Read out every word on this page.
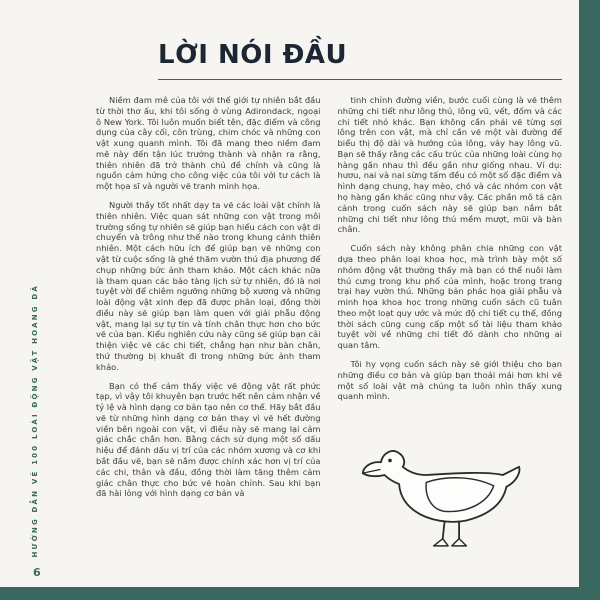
HƯỚNG DẪN VẼ 100 LOÀI ĐỘNG VẬT HOANG DÃ
6
LỜI NÓI ĐẦU

Niềm đam mê của tôi với thế giới tự nhiên bắt đầu từ thời thơ ấu, khi tôi sống ở vùng Adirondack, ngoại ô New York. Tôi luôn muốn biết tên, đặc điểm và công dụng của cây cối, côn trùng, chim chóc và những con vật xung quanh mình. Tôi đã mang theo niềm đam mê này đến tận lúc trưởng thành và nhận ra rằng, thiên nhiên đã trở thành chủ đề chính và cũng là nguồn cảm hứng cho công việc của tôi với tư cách là một họa sĩ và người vẽ tranh minh họa.

Người thầy tốt nhất dạy ta vẽ các loài vật chính là thiên nhiên. Việc quan sát những con vật trong môi trường sống tự nhiên sẽ giúp bạn hiểu cách con vật di chuyển và trông như thế nào trong khung cảnh thiên nhiên. Một cách hữu ích để giúp bạn vẽ những con vật từ cuộc sống là ghé thăm vườn thú địa phương để chụp những bức ảnh tham khảo. Một cách khác nữa là tham quan các bảo tàng lịch sử tự nhiên, đó là nơi tuyệt vời để chiêm ngưỡng những bộ xương và những loài động vật xinh đẹp đã được phân loại, đồng thời điều này sẽ giúp bạn làm quen với giải phẫu động vật, mang lại sự tự tin và tính chân thực hơn cho bức vẽ của bạn. Kiểu nghiên cứu này cũng sẽ giúp bạn cải thiện việc vẽ các chi tiết, chẳng hạn như bàn chân, thứ thường bị khuất đi trong những bức ảnh tham khảo.

Bạn có thể cảm thấy việc vẽ động vật rất phức tạp, vì vậy tôi khuyên bạn trước hết nên cảm nhận về tỷ lệ và hình dạng cơ bản tạo nên cơ thể. Hãy bắt đầu vẽ từ những hình dạng cơ bản thay vì vẽ hết đường viền bên ngoài con vật, vì điều này sẽ mang lại cảm giác chắc chắn hơn. Bằng cách sử dụng một số dấu hiệu để đánh dấu vị trí của các nhóm xương và cơ khi bắt đầu vẽ, bạn sẽ nắm được chính xác hơn vị trí của các chi, thân và đầu, đồng thời làm tăng thêm cảm giác chân thực cho bức vẽ hoàn chỉnh. Sau khi bạn đã hài lòng với hình dạng cơ bản và

tinh chỉnh đường viền, bước cuối cùng là vẽ thêm những chi tiết như lông thú, lông vũ, vết, đốm và các chi tiết nhỏ khác. Bạn không cần phải vẽ từng sợi lông trên con vật, mà chỉ cần vẽ một vài đường để biểu thị độ dài và hướng của lông, vảy hay lông vũ. Bạn sẽ thấy rằng các cấu trúc của những loài cùng họ hàng gần nhau thì đều gần như giống nhau. Ví dụ: hươu, nai và nai sừng tấm đều có một số đặc điểm và hình dạng chung, hay mèo, chó và các nhóm con vật họ hàng gần khác cũng như vậy. Các phần mô tả cận cảnh trong cuốn sách này sẽ giúp bạn nắm bắt những chi tiết như lông thú mềm mượt, mũi và bàn chân.

Cuốn sách này không phân chia những con vật dựa theo phân loại khoa học, mà trình bày một số nhóm động vật thường thấy mà bạn có thể nuôi làm thú cưng trong khu phố của mình, hoặc trong trang trại hay vườn thú. Những bản phác họa giải phẫu và minh họa khoa học trong những cuốn sách cũ tuân theo một loạt quy ước và mức độ chi tiết cụ thể, đồng thời sách cũng cung cấp một số tài liệu tham khảo tuyệt vời về những chi tiết đó dành cho những ai quan tâm.

Tôi hy vọng cuốn sách này sẽ giới thiệu cho bạn những điều cơ bản và giúp bạn thoải mái hơn khi vẽ một số loài vật mà chúng ta luôn nhìn thấy xung quanh mình.
